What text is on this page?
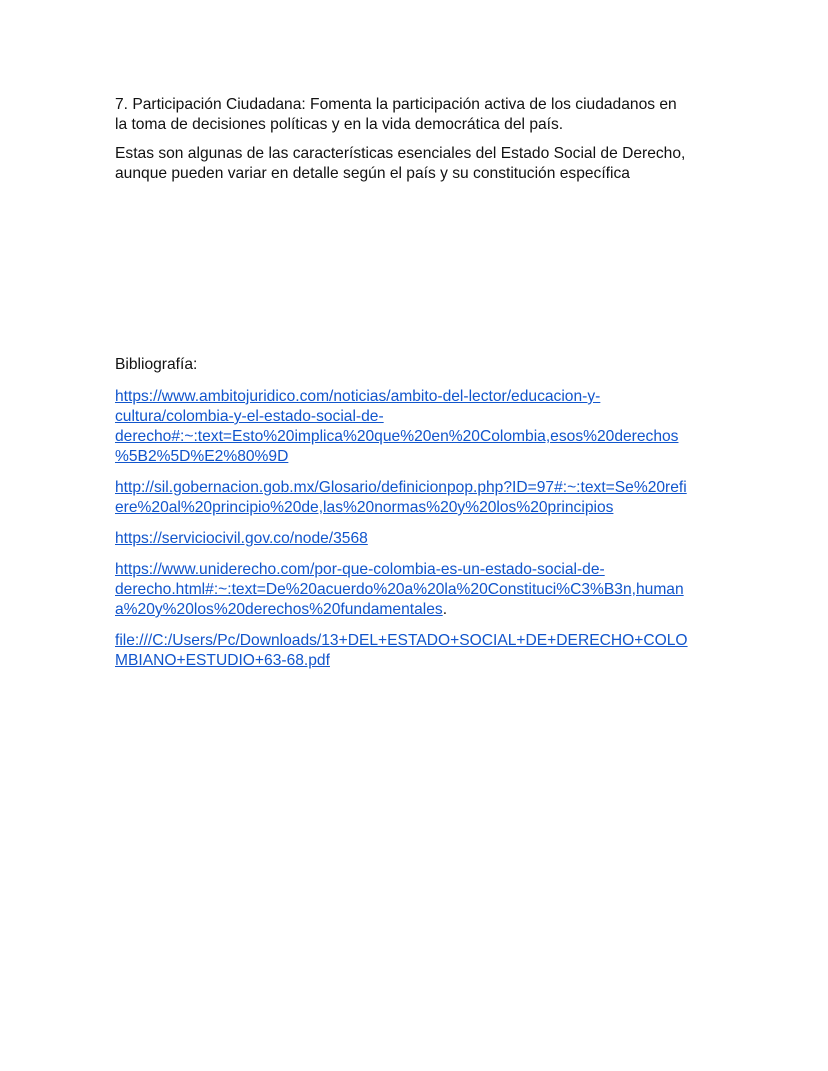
7. Participación Ciudadana: Fomenta la participación activa de los ciudadanos en
la toma de decisiones políticas y en la vida democrática del país.

Estas son algunas de las características esenciales del Estado Social de Derecho,
aunque pueden variar en detalle según el país y su constitución específica

Bibliografía:

https://www.ambitojuridico.com/noticias/ambito-del-lector/educacion-y-
cultura/colombia-y-el-estado-social-de-
derecho#:~:text=Esto%20implica%20que%20en%20Colombia,esos%20derechos
%5B2%5D%E2%80%9D
http://sil.gobernacion.gob.mx/Glosario/definicionpop.php?ID=97#:~:text=Se%20refi
ere%20al%20principio%20de,las%20normas%20y%20los%20principios
https://serviciocivil.gov.co/node/3568
https://www.uniderecho.com/por-que-colombia-es-un-estado-social-de-
derecho.html#:~:text=De%20acuerdo%20a%20la%20Constituci%C3%B3n,human
a%20y%20los%20derechos%20fundamentales.
file:///C:/Users/Pc/Downloads/13+DEL+ESTADO+SOCIAL+DE+DERECHO+COLO
MBIANO+ESTUDIO+63-68.pdf
